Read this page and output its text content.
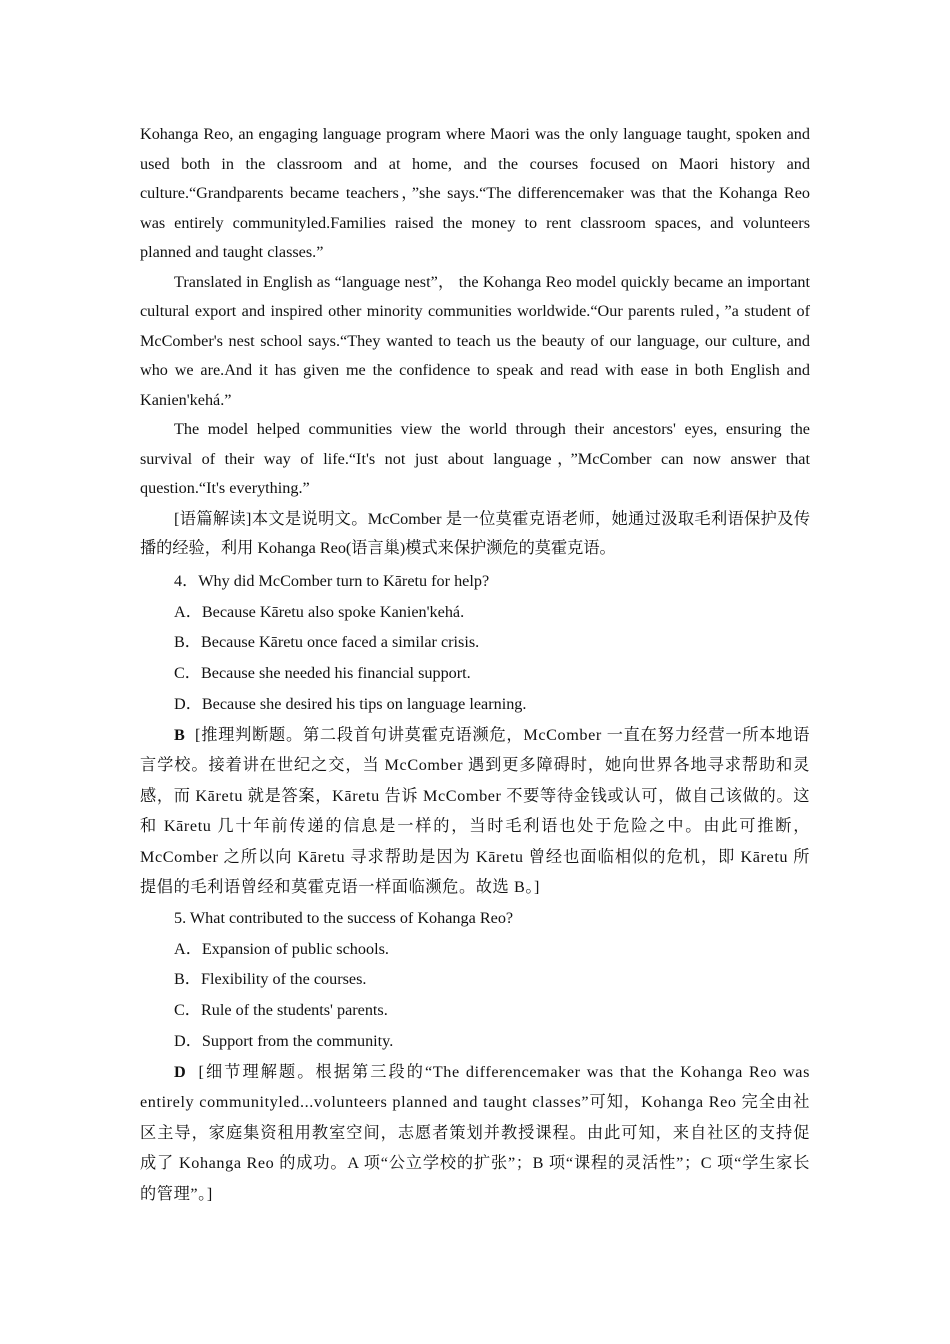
Kohanga Reo, an engaging language program where Maori was the only language taught, spoken and used both in the classroom and at home, and the courses focused on Maori history and culture.“Grandparents became teachers，”she says.“The differencemaker was that the Kohanga Reo was entirely communityled.Families raised the money to rent classroom spaces, and volunteers planned and taught classes.”

Translated in English as “language nest”， the Kohanga Reo model quickly became an important cultural export and inspired other minority communities worldwide.“Our parents ruled，”a student of McComber's nest school says.“They wanted to teach us the beauty of our language, our culture, and who we are.And it has given me the confidence to speak and read with ease in both English and Kanien'kehá.”

The model helped communities view the world through their ancestors' eyes, ensuring the survival of their way of life.“It's not just about language，”McComber can now answer that question.“It's everything.”

[语篇解读]本文是说明文。McComber 是一位莫霍克语老师，她通过汲取毛利语保护及传播的经验，利用 Kohanga Reo(语言巢)模式来保护濒危的莫霍克语。

4．Why did McComber turn to Kāretu for help?
A．Because Kāretu also spoke Kanien'kehá.
B．Because Kāretu once faced a similar crisis.
C．Because she needed his financial support.
D．Because she desired his tips on language learning.

B [推理判断题。第二段首句讲莫霍克语濒危，McComber 一直在努力经营一所本地语言学校。接着讲在世纪之交，当 McComber 遇到更多障碍时，她向世界各地寻求帮助和灵感，而 Kāretu 就是答案，Kāretu 告诉 McComber 不要等待金钱或认可，做自己该做的。这和 Kāretu 几十年前传递的信息是一样的，当时毛利语也处于危险之中。由此可推断，McComber 之所以向 Kāretu 寻求帮助是因为 Kāretu 曾经也面临相似的危机，即 Kāretu 所提倡的毛利语曾经和莫霍克语一样面临濒危。故选 B。]

5. What contributed to the success of Kohanga Reo?
A．Expansion of public schools.
B．Flexibility of the courses.
C．Rule of the students' parents.
D．Support from the community.

D [细节理解题。根据第三段的“The differencemaker was that the Kohanga Reo was entirely communityled...volunteers planned and taught classes”可知，Kohanga Reo 完全由社区主导，家庭集资租用教室空间，志愿者策划并教授课程。由此可知，来自社区的支持促成了 Kohanga Reo 的成功。A 项“公立学校的扩张”；B 项“课程的灵活性”；C 项“学生家长的管理”。]
